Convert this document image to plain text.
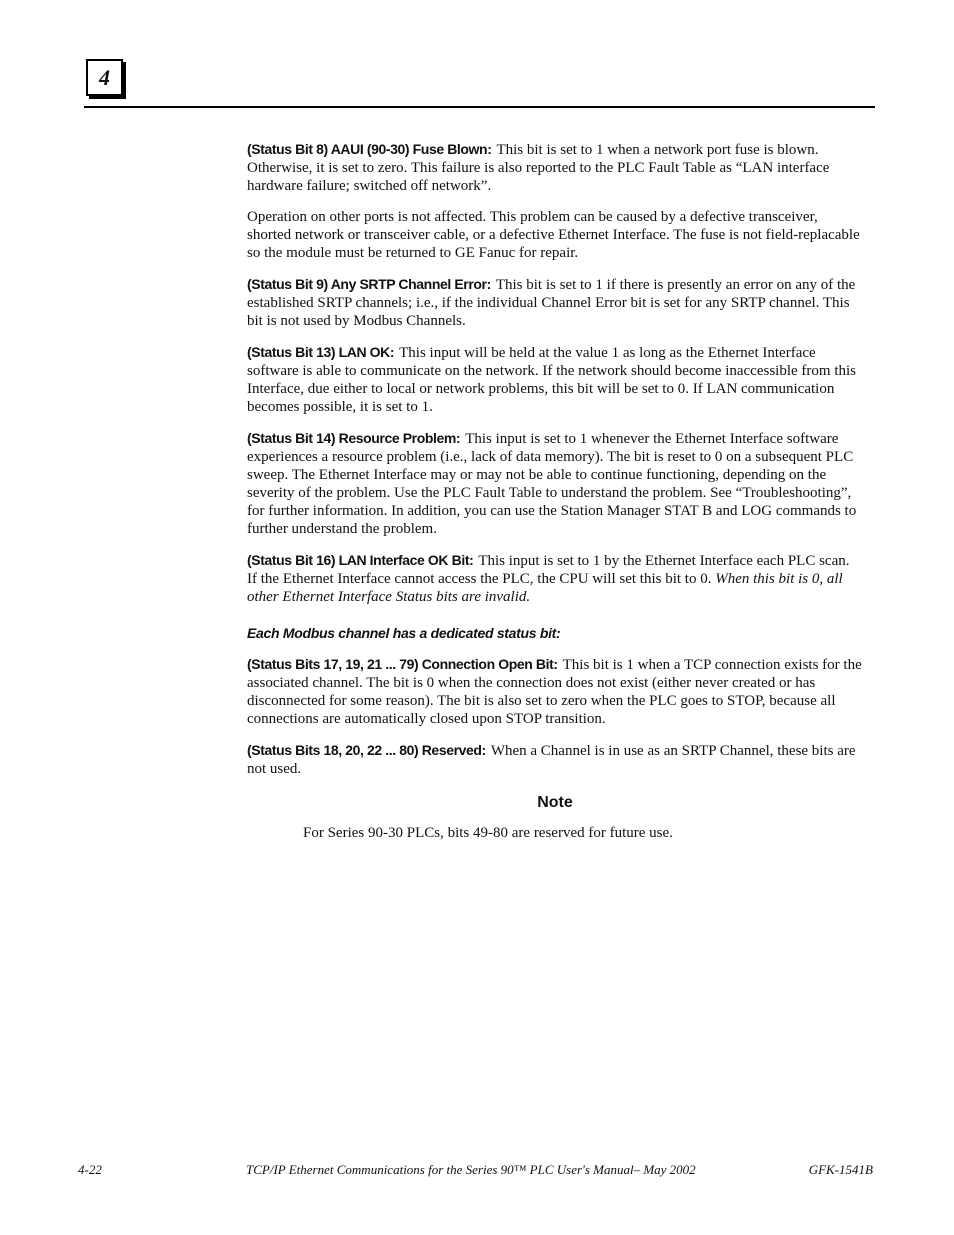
4

(Status Bit 8) AAUI (90-30) Fuse Blown: This bit is set to 1 when a network port fuse is blown. Otherwise, it is set to zero. This failure is also reported to the PLC Fault Table as “LAN interface hardware failure; switched off network”.

Operation on other ports is not affected. This problem can be caused by a defective transceiver, shorted network or transceiver cable, or a defective Ethernet Interface. The fuse is not field-replacable so the module must be returned to GE Fanuc for repair.

(Status Bit 9) Any SRTP Channel Error: This bit is set to 1 if there is presently an error on any of the established SRTP channels; i.e., if the individual Channel Error bit is set for any SRTP channel. This bit is not used by Modbus Channels.

(Status Bit 13) LAN OK: This input will be held at the value 1 as long as the Ethernet Interface software is able to communicate on the network. If the network should become inaccessible from this Interface, due either to local or network problems, this bit will be set to 0. If LAN communication becomes possible, it is set to 1.

(Status Bit 14) Resource Problem: This input is set to 1 whenever the Ethernet Interface software experiences a resource problem (i.e., lack of data memory). The bit is reset to 0 on a subsequent PLC sweep. The Ethernet Interface may or may not be able to continue functioning, depending on the severity of the problem. Use the PLC Fault Table to understand the problem. See “Troubleshooting”, for further information. In addition, you can use the Station Manager STAT B and LOG commands to further understand the problem.

(Status Bit 16) LAN Interface OK Bit: This input is set to 1 by the Ethernet Interface each PLC scan. If the Ethernet Interface cannot access the PLC, the CPU will set this bit to 0. When this bit is 0, all other Ethernet Interface Status bits are invalid.

Each Modbus channel has a dedicated status bit:

(Status Bits 17, 19, 21 ... 79) Connection Open Bit: This bit is 1 when a TCP connection exists for the associated channel. The bit is 0 when the connection does not exist (either never created or has disconnected for some reason). The bit is also set to zero when the PLC goes to STOP, because all connections are automatically closed upon STOP transition.

(Status Bits 18, 20, 22 ... 80) Reserved: When a Channel is in use as an SRTP Channel, these bits are not used.

Note
For Series 90-30 PLCs, bits 49-80 are reserved for future use.
4-22	TCP/IP Ethernet Communications for the Series 90™ PLC User's Manual– May 2002	GFK-1541B
